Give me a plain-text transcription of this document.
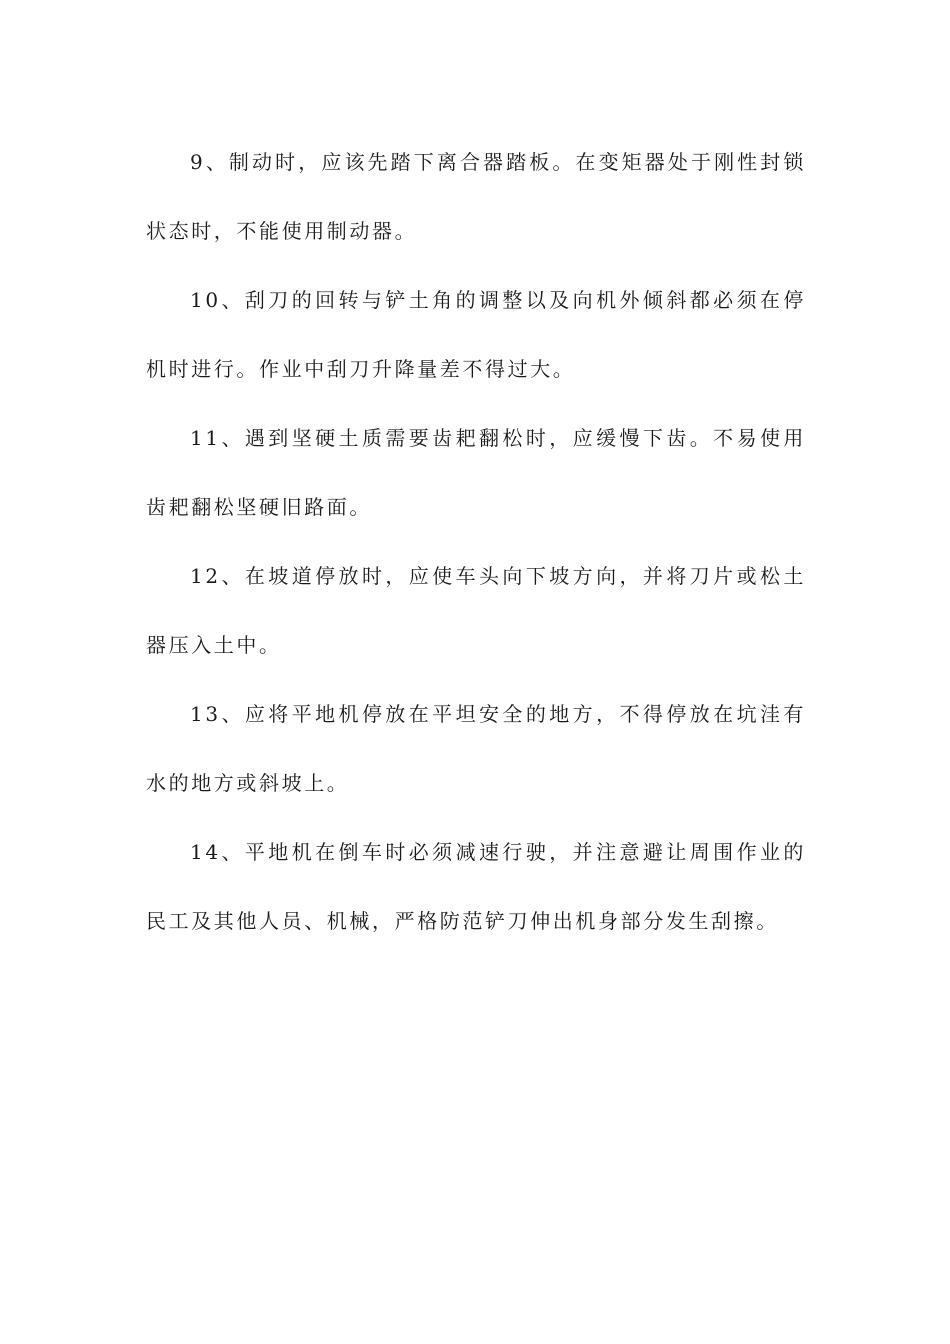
9、制动时，应该先踏下离合器踏板。在变矩器处于刚性封锁状态时，不能使用制动器。

10、刮刀的回转与铲土角的调整以及向机外倾斜都必须在停机时进行。作业中刮刀升降量差不得过大。

11、遇到坚硬土质需要齿耙翻松时，应缓慢下齿。不易使用齿耙翻松坚硬旧路面。

12、在坡道停放时，应使车头向下坡方向，并将刀片或松土器压入土中。

13、应将平地机停放在平坦安全的地方，不得停放在坑洼有水的地方或斜坡上。

14、平地机在倒车时必须减速行驶，并注意避让周围作业的民工及其他人员、机械，严格防范铲刀伸出机身部分发生刮擦。
